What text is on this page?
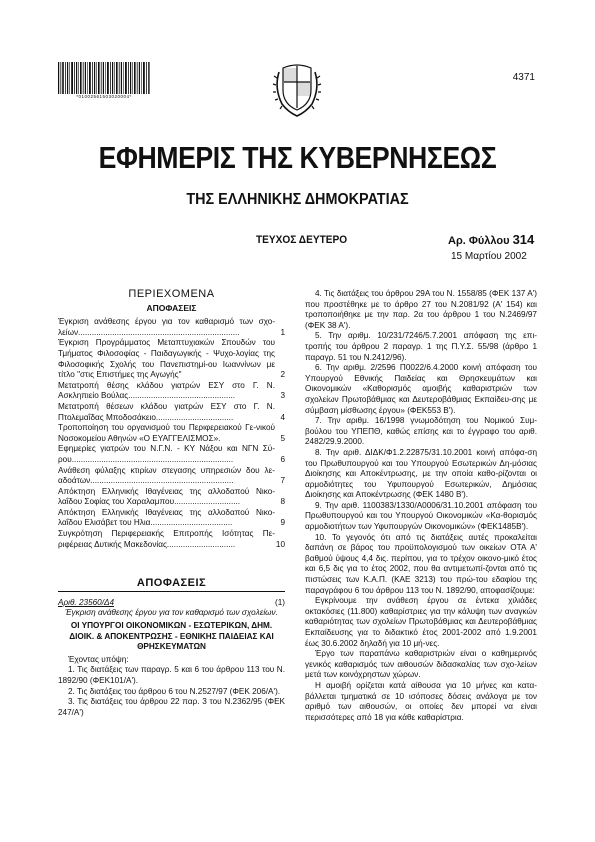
*01002561503020004*
4371
ΕΦΗΜΕΡΙΣ ΤΗΣ ΚΥΒΕΡΝΗΣΕΩΣ
ΤΗΣ ΕΛΛΗΝΙΚΗΣ ΔΗΜΟΚΡΑΤΙΑΣ
ΤΕΥΧΟΣ ΔΕΥΤΕΡΟ	Αρ. Φύλλου 314
15 Μαρτίου 2002
ΠΕΡΙΕΧΟΜΕΝΑ
ΑΠΟΦΑΣΕΙΣ
Έγκριση ανάθεσης έργου για τον καθαρισμό των σχο-λείων.......................................................................	1
Έγκριση Προγράμματος Μεταπτυχιακών Σπουδών του Τμήματος Φιλοσοφίας - Παιδαγωγικής - Ψυχο-λογίας της Φιλοσοφικής Σχολής του Πανεπιστημί-ου Ιωαννίνων με τίτλο "στις Επιστήμες της Αγωγής"	2
Μετατροπή θέσης κλάδου γιατρών ΕΣΥ στο Γ. Ν. Ασκληπιείο Βούλας...............................................	3
Μετατροπή θέσεων κλάδου γιατρών ΕΣΥ στο Γ. Ν. Πτολεμαΐδας Μποδοσάκειο..................................	4
Τροποποίηση του οργανισμού του Περιφερειακού Γε-νικού Νοσοκομείου Αθηνών «Ο ΕΥΑΓΓΕΛΙΣΜΟΣ».	5
Εφημερίες γιατρών του Ν.Γ.Ν. - ΚΥ Νάξου και ΝΓΝ Σύ-ρου.......................................................................	6
Ανάθεση φύλαξης κτιρίων στεγασης υπηρεσιών δου λε-αδοάτων...............................................................	7
Απόκτηση Ελληνικής Ιθαγένειας της αλλοδαπού Νικο-λαΐδου Σοφίας του Χαραλαμπου.............................	8
Απόκτηση Ελληνικής Ιθαγένειας της αλλοδαπού Νικο-λαΐδου Ελισάβετ του Ηλια....................................	9
Συγκρότηση Περιφερειακής Επιτροπής Ισότητας Πε-ριφέρειας Δυτικής Μακεδονίας..............................	10
ΑΠΟΦΑΣΕΙΣ
Αριθ. 23560/Δ4	(1)
Έγκριση ανάθεσης έργου για τον καθαρισμό των σχολείων.
ΟΙ ΥΠΟΥΡΓΟΙ ΟΙΚΟΝΟΜΙΚΩΝ - ΕΣΩΤΕΡΙΚΩΝ, ΔΗΜ. ΔΙΟΙΚ. & ΑΠΟΚΕΝΤΡΩΣΗΣ - ΕΘΝΙΚΗΣ ΠΑΙΔΕΙΑΣ ΚΑΙ ΘΡΗΣΚΕΥΜΑΤΩΝ
Έχοντας υπόψη:
1. Τις διατάξεις των παραγρ. 5 και 6 του άρθρου 113 του Ν. 1892/90 (ΦΕΚ101/Α').
2. Τις διατάξεις του άρθρου 6 του Ν.2527/97 (ΦΕΚ 206/Α').
3. Τις διατάξεις του άρθρου 22 παρ. 3 του Ν.2362/95 (ΦΕΚ 247/Α')
4. Τις διατάξεις του άρθρου 29Α του Ν. 1558/85 (ΦΕΚ 137 Α') που προστέθηκε με το άρθρο 27 του Ν.2081/92 (Α' 154) και τροποποιήθηκε με την παρ. 2α του άρθρου 1 του Ν.2469/97 (ΦΕΚ 38 Α').
5. Την αριθμ. 10/231/7246/5.7.2001 απόφαση της επι-τροπής του άρθρου 2 παραγρ. 1 της Π.Υ.Σ. 55/98 (άρθρο 1 παραγρ. 51 του Ν.2412/96).
6. Την αριθμ. 2/2596 Π0022/6.4.2000 κοινή απόφαση του Υπουργού Εθνικής Παιδείας και Θρησκευμάτων και Οικονομικών «Καθορισμός αμοιβής καθαριστριών των σχολείων Πρωτοβάθμιας και Δευτεροβάθμιας Εκπαίδευ-σης με σύμβαση μίσθωσης έργου» (ΦΕΚ553 Β').
7. Την αριθμ. 16/1998 γνωμοδότηση του Νομικού Συμ-βούλου του ΥΠΕΠΘ, καθώς επίσης και το έγγραφο του αριθ. 2482/29.9.2000.
8. Την αριθ. ΔΙΔΚ/Φ1.2.22875/31.10.2001 κοινή απόφα-ση του Πρωθυπουργού και του Υπουργού Εσωτερικών Δη-μόσιας Διοίκησης και Αποκέντρωσης, με την οποία καθο-ρίζονται οι αρμοδιότητες του Υφυπουργού Εσωτερικών, Δημόσιας Διοίκησης και Αποκέντρωσης (ΦΕΚ 1480 Β').
9. Την αριθ. 1100383/1330/Α0006/31.10.2001 απόφαση του Πρωθυπουργού και του Υπουργού Οικονομικών «Κα-θορισμός αρμοδιοτήτων των Υφυπουργών Οικονομικών» (ΦΕΚ1485Β').
10. Το γεγονός ότι από τις διατάξεις αυτές προκαλείται δαπάνη σε βάρος του προϋπολογισμού των οικείων ΟΤΑ Α' βαθμού ύψους 4,4 δις. περίπου, για το τρέχον οικονο-μικό έτος και 6,5 δις για το έτος 2002, που θα αντιμετωπί-ζονται από τις πιστώσεις των Κ.Α.Π. (ΚΑΕ 3213) του πρώ-του εδαφίου της παραγράφου 6 του άρθρου 113 του Ν. 1892/90, αποφασίζουμε:
Εγκρίνουμε την ανάθεση έργου σε έντεκα χιλιάδες οκτακόσιες (11.800) καθαρίστριες για την κάλυψη των αναγκών καθαριότητας των σχολείων Πρωτοβάθμιας και Δευτεροβάθμιας Εκπαίδευσης για το διδακτικό έτος 2001-2002 από 1.9.2001 έως 30.6.2002 δηλαδή για 10 μή-νες.
Έργο των παραπάνω καθαριστριών είναι ο καθημερινός γενικός καθαρισμός των αιθουσών διδασκαλίας των σχο-λείων μετά των κοινόχρηστων χώρων.
Η αμοιβή ορίζεται κατά αίθουσα για 10 μήνες και κατα-βάλλεται τμηματικά σε 10 ισόποσες δόσεις ανάλογα με τον αριθμό των αιθουσών, οι οποίες δεν μπορεί να είναι περισσότερες από 18 για κάθε καθαρίστρια.
